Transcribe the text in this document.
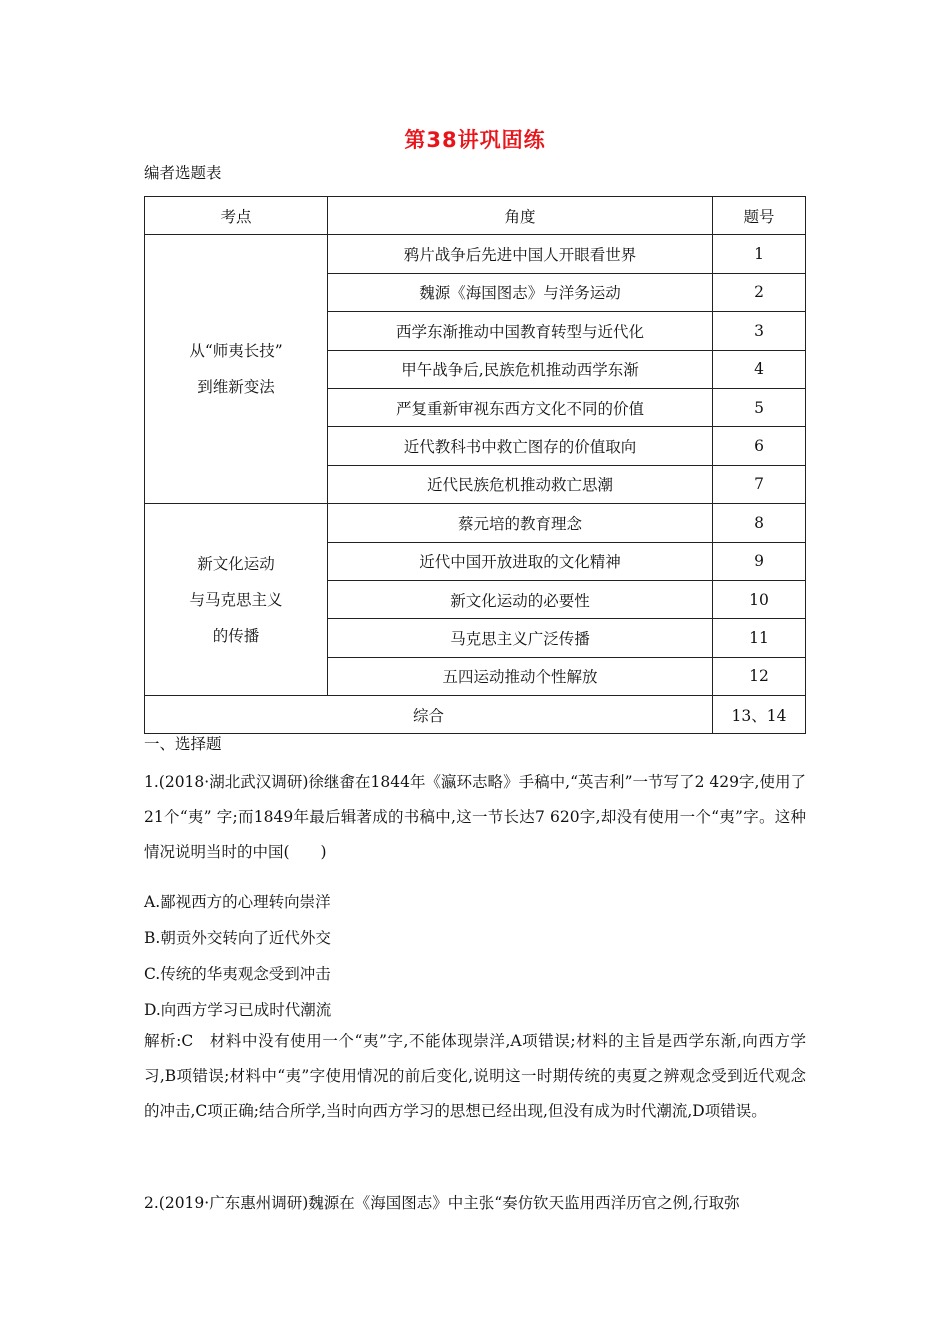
第38讲巩固练
编者选题表
考点	角度	题号

从“师夷长技”
到维新变法	鸦片战争后先进中国人开眼看世界	1
	魏源《海国图志》与洋务运动	2
	西学东渐推动中国教育转型与近代化	3
	甲午战争后,民族危机推动西学东渐	4
	严复重新审视东西方文化不同的价值	5
	近代教科书中救亡图存的价值取向	6
	近代民族危机推动救亡思潮	7

新文化运动
与马克思主义
的传播	蔡元培的教育理念	8
	近代中国开放进取的文化精神	9
	新文化运动的必要性	10
	马克思主义广泛传播	11
	五四运动推动个性解放	12
综合		13、14
一、选择题
1.(2018·湖北武汉调研)徐继畬在1844年《瀛环志略》手稿中,“英吉利”一节写了2 429字,使用了21个“夷” 字;而1849年最后辑著成的书稿中,这一节长达7 620字,却没有使用一个“夷”字。这种情况说明当时的中国(　　)
A.鄙视西方的心理转向崇洋
B.朝贡外交转向了近代外交
C.传统的华夷观念受到冲击
D.向西方学习已成时代潮流
解析:C　材料中没有使用一个“夷”字,不能体现崇洋,A项错误;材料的主旨是西学东渐,向西方学习,B项错误;材料中“夷”字使用情况的前后变化,说明这一时期传统的夷夏之辨观念受到近代观念的冲击,C项正确;结合所学,当时向西方学习的思想已经出现,但没有成为时代潮流,D项错误。
2.(2019·广东惠州调研)魏源在《海国图志》中主张“奏仿钦天监用西洋历官之例,行取弥
